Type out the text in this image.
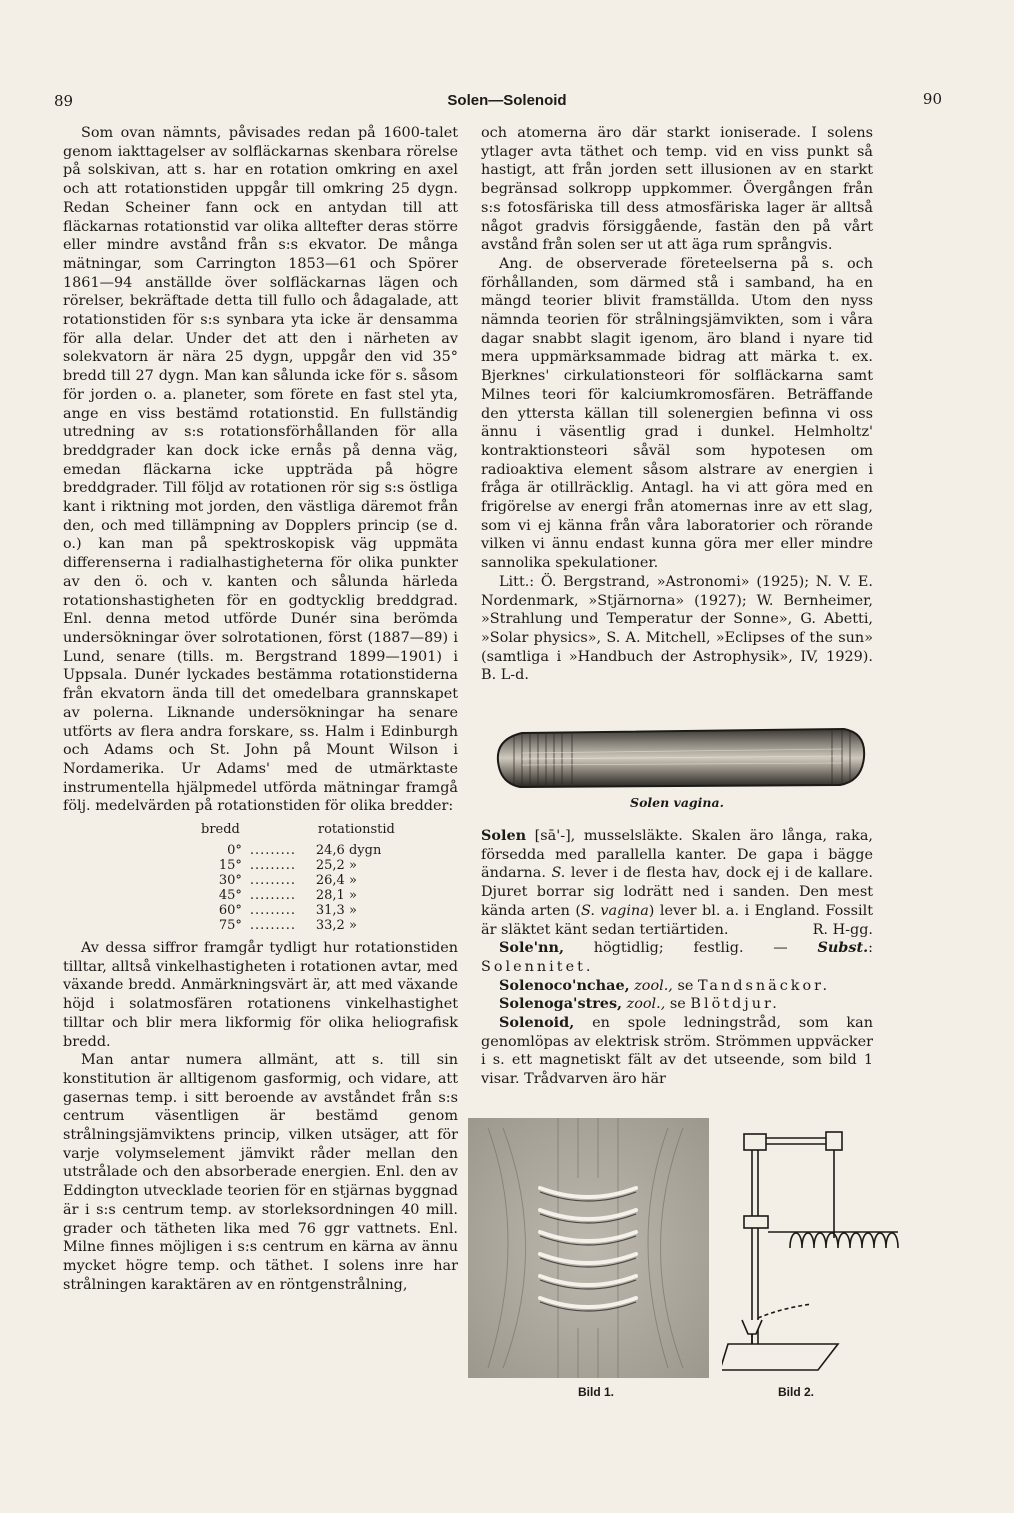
89	Solen—Solenoid	90

Som ovan nämnts, påvisades redan på 1600-talet genom iakttagelser av solfläckarnas skenbara rörelse på solskivan, att s. har en rotation omkring en axel och att rotationstiden uppgår till omkring 25 dygn. Redan Scheiner fann ock en antydan till att fläckarnas rotationstid var olika alltefter deras större eller mindre avstånd från s:s ekvator. De många mätningar, som Carrington 1853—61 och Spörer 1861—94 anställde över solfläckarnas lägen och rörelser, bekräftade detta till fullo och ådagalade, att rotationstiden för s:s synbara yta icke är densamma för alla delar. Under det att den i närheten av solekvatorn är nära 25 dygn, uppgår den vid 35° bredd till 27 dygn. Man kan sålunda icke för s. såsom för jorden o. a. planeter, som förete en fast stel yta, ange en viss bestämd rotationstid. En fullständig utredning av s:s rotationsförhållanden för alla breddgrader kan dock icke ernås på denna väg, emedan fläckarna icke uppträda på högre breddgrader. Till följd av rotationen rör sig s:s östliga kant i riktning mot jorden, den västliga däremot från den, och med tillämpning av Dopplers princip (se d. o.) kan man på spektroskopisk väg uppmäta differenserna i radialhastigheterna för olika punkter av den ö. och v. kanten och sålunda härleda rotationshastigheten för en godtycklig breddgrad. Enl. denna metod utförde Dunér sina berömda undersökningar över solrotationen, först (1887—89) i Lund, senare (tills. m. Bergstrand 1899—1901) i Uppsala. Dunér lyckades bestämma rotationstiderna från ekvatorn ända till det omedelbara grannskapet av polerna. Liknande undersökningar ha senare utförts av flera andra forskare, ss. Halm i Edinburgh och Adams och St. John på Mount Wilson i Nordamerika. Ur Adams' med de utmärktaste instrumentella hjälpmedel utförda mätningar framgå följ. medelvärden på rotationstiden för olika bredder:

bredd		rotationstid
0°	.........	24,6 dygn
15°	.........	25,2 »
30°	.........	26,4 »
45°	.........	28,1 »
60°	.........	31,3 »
75°	.........	33,2 »

Av dessa siffror framgår tydligt hur rotationstiden tilltar, alltså vinkelhastigheten i rotationen avtar, med växande bredd. Anmärkningsvärt är, att med växande höjd i solatmosfären rotationens vinkelhastighet tilltar och blir mera likformig för olika heliografisk bredd.

Man antar numera allmänt, att s. till sin konstitution är alltigenom gasformig, och vidare, att gasernas temp. i sitt beroende av avståndet från s:s centrum väsentligen är bestämd genom strålningsjämviktens princip, vilken utsäger, att för varje volymselement jämvikt råder mellan den utstrålade och den absorberade energien. Enl. den av Eddington utvecklade teorien för en stjärnas byggnad är i s:s centrum temp. av storleksordningen 40 mill. grader och tätheten lika med 76 ggr vattnets. Enl. Milne finnes möjligen i s:s centrum en kärna av ännu mycket högre temp. och täthet. I solens inre har strålningen karaktären av en röntgenstrålning,

och atomerna äro där starkt ioniserade. I solens ytlager avta täthet och temp. vid en viss punkt så hastigt, att från jorden sett illusionen av en starkt begränsad solkropp uppkommer. Övergången från s:s fotosfäriska till dess atmosfäriska lager är alltså något gradvis försiggående, fastän den på vårt avstånd från solen ser ut att äga rum språngvis.

Ang. de observerade företeelserna på s. och förhållanden, som därmed stå i samband, ha en mängd teorier blivit framställda. Utom den nyss nämnda teorien för strålningsjämvikten, som i våra dagar snabbt slagit igenom, äro bland i nyare tid mera uppmärksammade bidrag att märka t. ex. Bjerknes' cirkulationsteori för solfläckarna samt Milnes teori för kalciumkromosfären. Beträffande den yttersta källan till solenergien befinna vi oss ännu i väsentlig grad i dunkel. Helmholtz' kontraktionsteori såväl som hypotesen om radioaktiva element såsom alstrare av energien i fråga är otillräcklig. Antagl. ha vi att göra med en frigörelse av energi från atomernas inre av ett slag, som vi ej känna från våra laboratorier och rörande vilken vi ännu endast kunna göra mer eller mindre sannolika spekulationer.

Litt.: Ö. Bergstrand, »Astronomi» (1925); N. V. E. Nordenmark, »Stjärnorna» (1927); W. Bernheimer, »Strahlung und Temperatur der Sonne», G. Abetti, »Solar physics», S. A. Mitchell, »Eclipses of the sun» (samtliga i »Handbuch der Astrophysik», IV, 1929). B. L-d.

Solen vagina.

Solen [sā'-], musselsläkte. Skalen äro långa, raka, försedda med parallella kanter. De gapa i bägge ändarna. S. lever i de flesta hav, dock ej i de kallare. Djuret borrar sig lodrätt ned i sanden. Den mest kända arten (S. vagina) lever bl. a. i England. Fossilt är släktet känt sedan tertiärtiden.	R. H-gg.

Sole'nn, högtidlig; festlig. — Subst.: Solennitet.

Solenoco'nchae, zool., se Tandsnäckor.

Solenoga'stres, zool., se Blötdjur.

Solenoid, en spole ledningstråd, som kan genomlöpas av elektrisk ström. Strömmen uppväcker i s. ett magnetiskt fält av det utseende, som bild 1 visar. Trådvarven äro här

Bild 1.	Bild 2.
